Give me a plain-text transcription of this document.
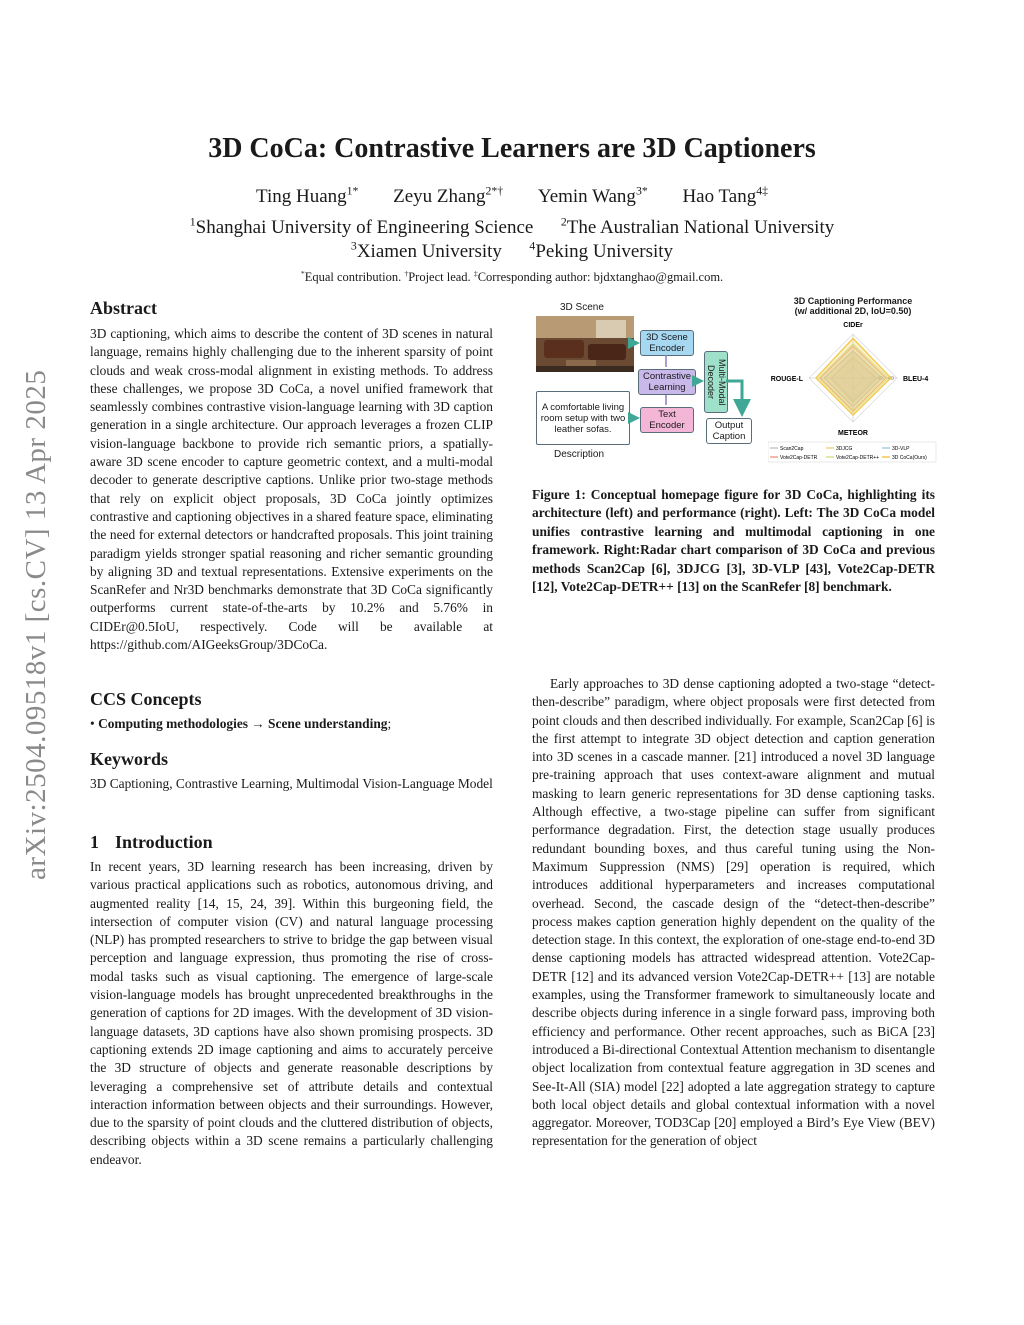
arXiv:2504.09518v1 [cs.CV] 13 Apr 2025
3D CoCa: Contrastive Learners are 3D Captioners
Ting Huang$^{1*}$ Zeyu Zhang$^{2*\dagger}$ Yemin Wang$^{3*}$ Hao Tang$^{4\ddagger}$
$^1$Shanghai University of Engineering Science $^2$The Australian National University
$^3$Xiamen University $^4$Peking University
*Equal contribution. †Project lead. ‡Corresponding author: bjdxtanghao@gmail.com.
Abstract

3D captioning, which aims to describe the content of 3D scenes in natural language, remains highly challenging due to the inherent sparsity of point clouds and weak cross-modal alignment in existing methods. To address these challenges, we propose 3D CoCa, a novel unified framework that seamlessly combines contrastive vision-language learning with 3D caption generation in a single architecture. Our approach leverages a frozen CLIP vision-language backbone to provide rich semantic priors, a spatially-aware 3D scene encoder to capture geometric context, and a multi-modal decoder to generate descriptive captions. Unlike prior two-stage methods that rely on explicit object proposals, 3D CoCa jointly optimizes contrastive and captioning objectives in a shared feature space, eliminating the need for external detectors or handcrafted proposals. This joint training paradigm yields stronger spatial reasoning and richer semantic grounding by aligning 3D and textual representations. Extensive experiments on the ScanRefer and Nr3D benchmarks demonstrate that 3D CoCa significantly outperforms current state-of-the-arts by 10.2% and 5.76% in CIDEr@0.5IoU, respectively. Code will be available at https://github.com/AIGeeksGroup/3DCoCa.

CCS Concepts

• Computing methodologies → Scene understanding;

Keywords

3D Captioning, Contrastive Learning, Multimodal Vision-Language Model

1 Introduction

In recent years, 3D learning research has been increasing, driven by various practical applications such as robotics, autonomous driving, and augmented reality [14, 15, 24, 39]. Within this burgeoning field, the intersection of computer vision (CV) and natural language processing (NLP) has prompted researchers to strive to bridge the gap between visual perception and language expression, thus promoting the rise of cross-modal tasks such as visual captioning. The emergence of large-scale vision-language models has brought unprecedented breakthroughs in the generation of captions for 2D images. With the development of 3D vision-language datasets, 3D captions have also shown promising prospects. 3D captioning extends 2D image captioning and aims to accurately perceive the 3D structure of objects and generate reasonable descriptions by leveraging a comprehensive set of attribute details and contextual interaction information between objects and their surroundings. However, due to the sparsity of point clouds and the cluttered distribution of objects, describing objects within a 3D scene remains a particularly challenging endeavor.

3D Scene
A comfortable living room setup with two leather sofas.
Description
3D Scene Encoder
Contrastive Learning
Text Encoder
Multi-Modal Decoder
Output Caption
3D Captioning Performance
(w/ additional 2D, IoU=0.50)
CIDEr
BLEU-4
METEOR
ROUGE-L	40 60
Scan2Cap	3DJCG	3D-VLP
Vote2Cap-DETR	Vote2Cap-DETR++	3D CoCa(Ours)

Figure 1: Conceptual homepage figure for 3D CoCa, highlighting its architecture (left) and performance (right). Left: The 3D CoCa model unifies contrastive learning and multimodal captioning in one framework. Right:Radar chart comparison of 3D CoCa and previous methods Scan2Cap [6], 3DJCG [3], 3D-VLP [43], Vote2Cap-DETR [12], Vote2Cap-DETR++ [13] on the ScanRefer [8] benchmark.

Early approaches to 3D dense captioning adopted a two-stage “detect-then-describe” paradigm, where object proposals were first detected from point clouds and then described individually. For example, Scan2Cap [6] is the first attempt to integrate 3D object detection and caption generation into 3D scenes in a cascade manner. [21] introduced a novel 3D language pre-training approach that uses context-aware alignment and mutual masking to learn generic representations for 3D dense captioning tasks. Although effective, a two-stage pipeline can suffer from significant performance degradation. First, the detection stage usually produces redundant bounding boxes, and thus careful tuning using the Non-Maximum Suppression (NMS) [29] operation is required, which introduces additional hyperparameters and increases computational overhead. Second, the cascade design of the “detect-then-describe” process makes caption generation highly dependent on the quality of the detection stage. In this context, the exploration of one-stage end-to-end 3D dense captioning models has attracted widespread attention. Vote2Cap-DETR [12] and its advanced version Vote2Cap-DETR++ [13] are notable examples, using the Transformer framework to simultaneously locate and describe objects during inference in a single forward pass, improving both efficiency and performance. Other recent approaches, such as BiCA [23] introduced a Bi-directional Contextual Attention mechanism to disentangle object localization from contextual feature aggregation in 3D scenes and See-It-All (SIA) model [22] adopted a late aggregation strategy to capture both local object details and global contextual information with a novel aggregator. Moreover, TOD3Cap [20] employed a Bird’s Eye View (BEV) representation for the generation of object
